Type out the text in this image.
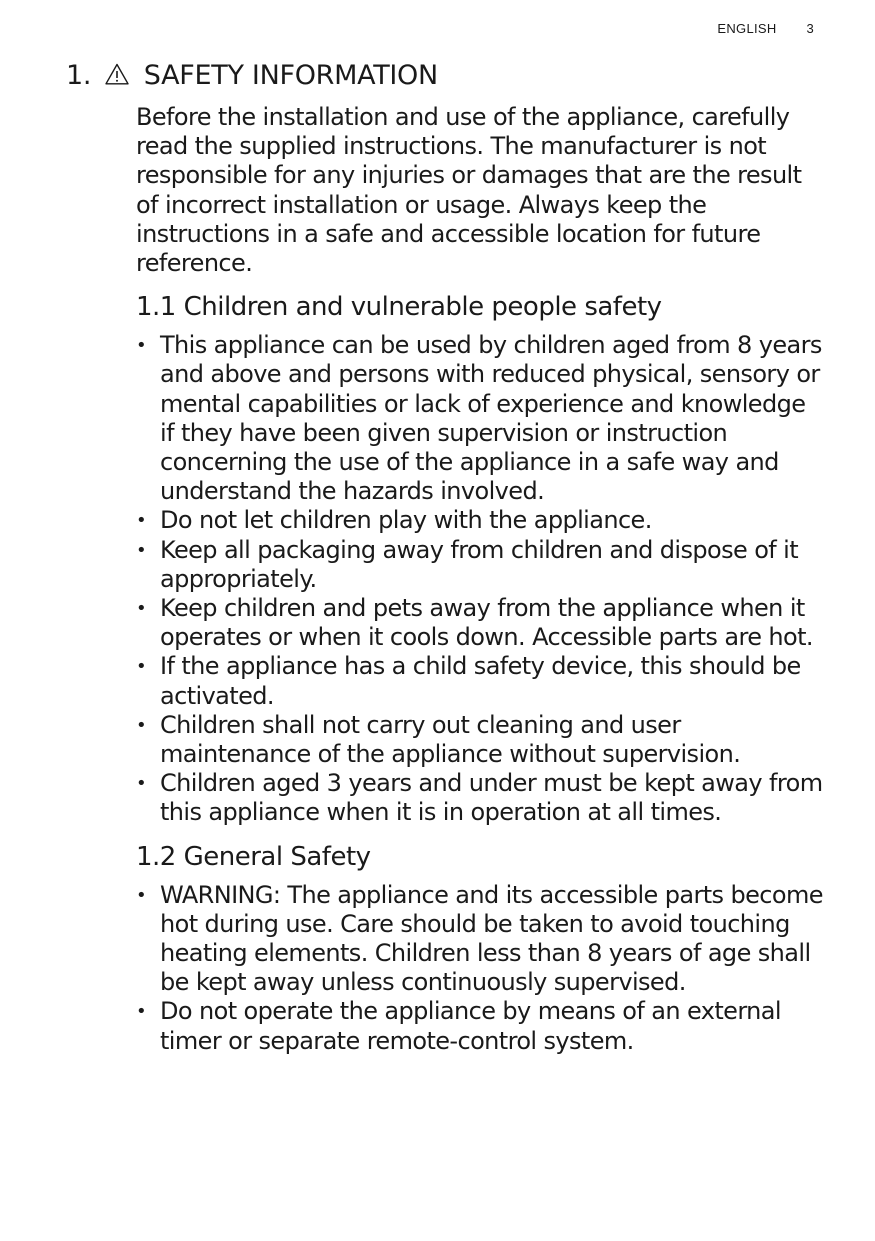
ENGLISH 3
1. SAFETY INFORMATION

Before the installation and use of the appliance, carefully read the supplied instructions. The manufacturer is not responsible for any injuries or damages that are the result of incorrect installation or usage. Always keep the instructions in a safe and accessible location for future reference.

1.1 Children and vulnerable people safety
• This appliance can be used by children aged from 8 years and above and persons with reduced physical, sensory or mental capabilities or lack of experience and knowledge if they have been given supervision or instruction concerning the use of the appliance in a safe way and understand the hazards involved.
• Do not let children play with the appliance.
• Keep all packaging away from children and dispose of it appropriately.
• Keep children and pets away from the appliance when it operates or when it cools down. Accessible parts are hot.
• If the appliance has a child safety device, this should be activated.
• Children shall not carry out cleaning and user maintenance of the appliance without supervision.
• Children aged 3 years and under must be kept away from this appliance when it is in operation at all times.
1.2 General Safety
• WARNING: The appliance and its accessible parts become hot during use. Care should be taken to avoid touching heating elements. Children less than 8 years of age shall be kept away unless continuously supervised.
• Do not operate the appliance by means of an external timer or separate remote-control system.
